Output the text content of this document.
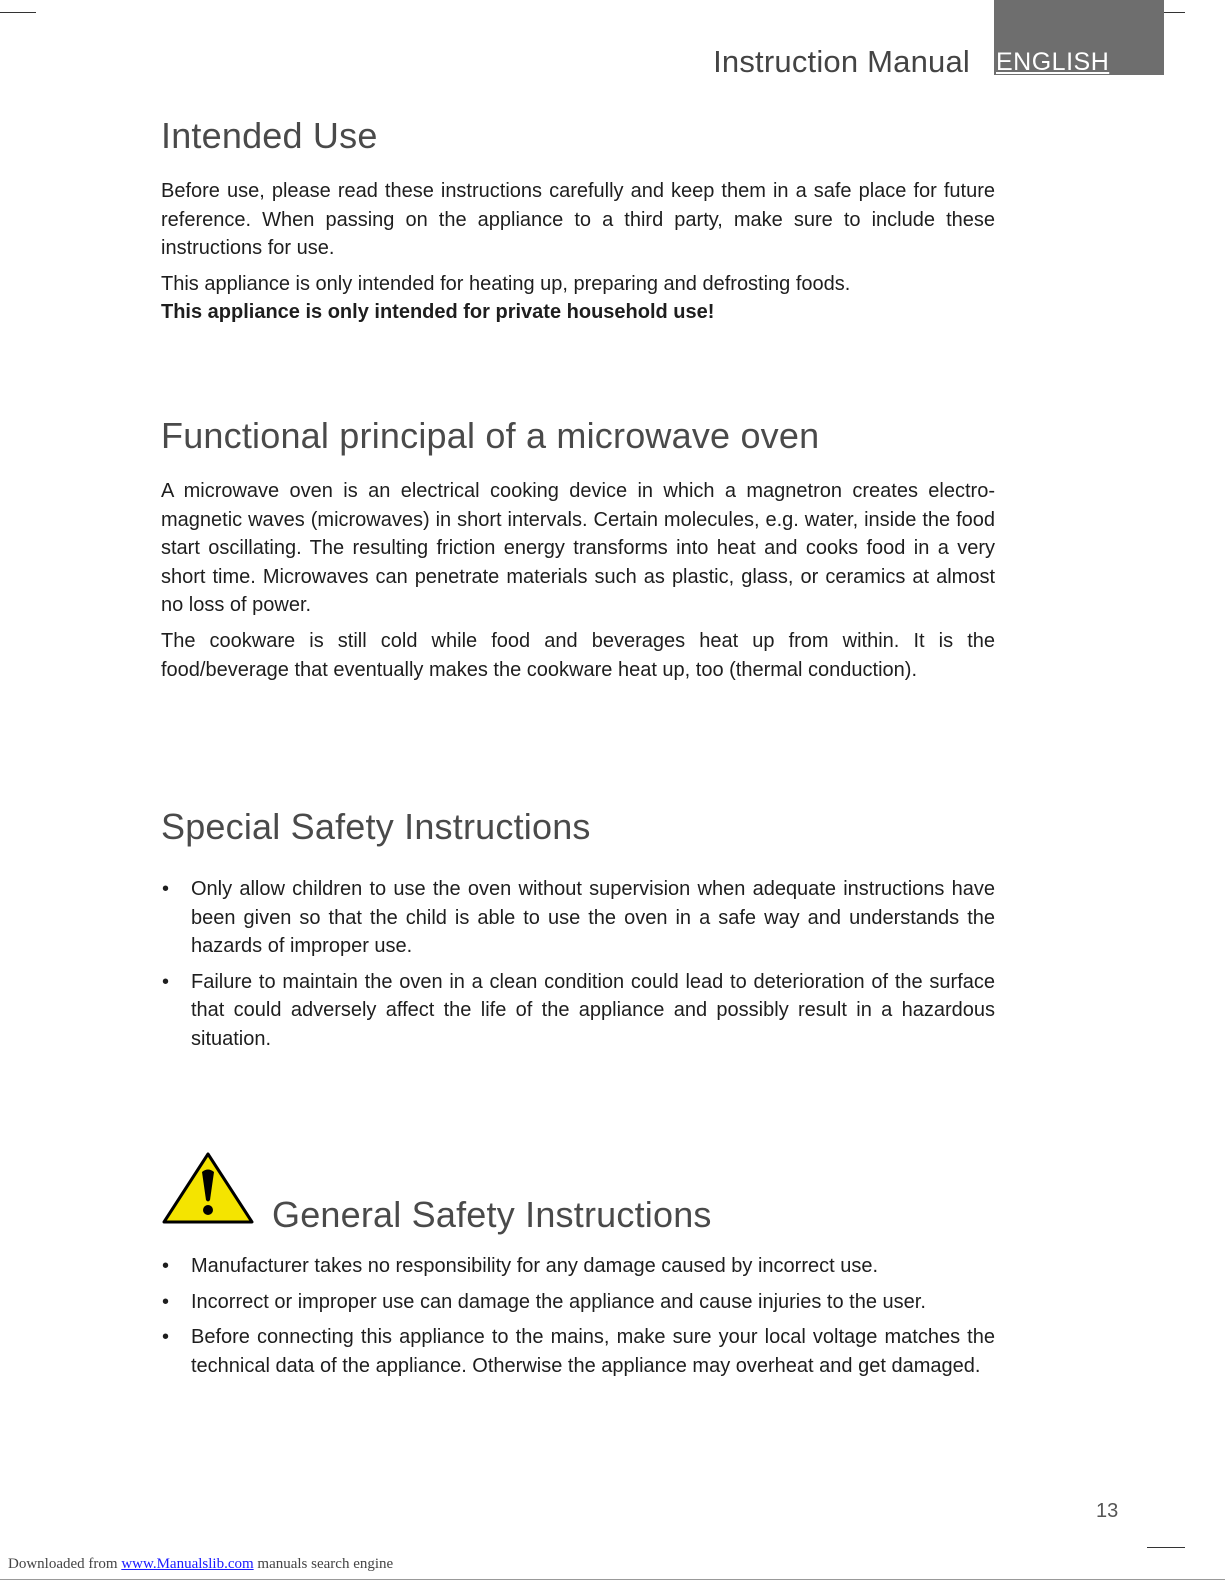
Instruction Manual ENGLISH
Intended Use

Before use, please read these instructions carefully and keep them in a safe place for future reference. When passing on the appliance to a third party, make sure to include these instructions for use.

This appliance is only intended for heating up, preparing and defrosting foods.
This appliance is only intended for private household use!

Functional principal of a microwave oven

A microwave oven is an electrical cooking device in which a magnetron creates electro-magnetic waves (microwaves) in short intervals. Certain molecules, e.g. water, inside the food start oscillating. The resulting friction energy transforms into heat and cooks food in a very short time. Microwaves can penetrate materials such as plastic, glass, or ceramics at almost no loss of power.

The cookware is still cold while food and beverages heat up from within. It is the food/beverage that eventually makes the cookware heat up, too (thermal conduction).

Special Safety Instructions
• Only allow children to use the oven without supervision when adequate instructions have been given so that the child is able to use the oven in a safe way and understands the hazards of improper use.
• Failure to maintain the oven in a clean condition could lead to deterioration of the surface that could adversely affect the life of the appliance and possibly result in a hazardous situation.
General Safety Instructions
• Manufacturer takes no responsibility for any damage caused by incorrect use.
• Incorrect or improper use can damage the appliance and cause injuries to the user.
• Before connecting this appliance to the mains, make sure your local voltage matches the technical data of the appliance. Otherwise the appliance may overheat and get damaged.
13
Downloaded from www.Manualslib.com manuals search engine
